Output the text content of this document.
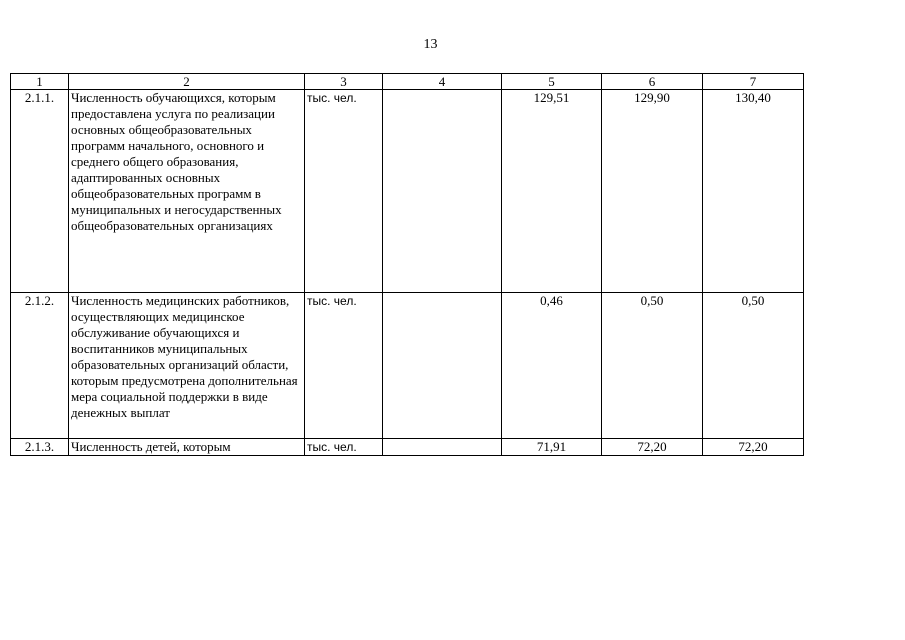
13
1	2	3	4	5	6	7
2.1.1.	Численность обучающихся, которым предоставлена услуга по реализации основных общеобразовательных программ начального, основного и среднего общего образования, адаптированных основных общеобразовательных программ в муниципальных и негосударственных общеобразовательных организациях	тыс. чел.		129,51	129,90	130,40
2.1.2.	Численность медицинских работников, осуществляющих медицинское обслуживание обучающихся и воспитанников муниципальных образовательных организаций области, которым предусмотрена дополнительная мера социальной поддержки в виде денежных выплат	тыс. чел.		0,46	0,50	0,50
2.1.3.	Численность детей, которым	тыс. чел.		71,91	72,20	72,20
